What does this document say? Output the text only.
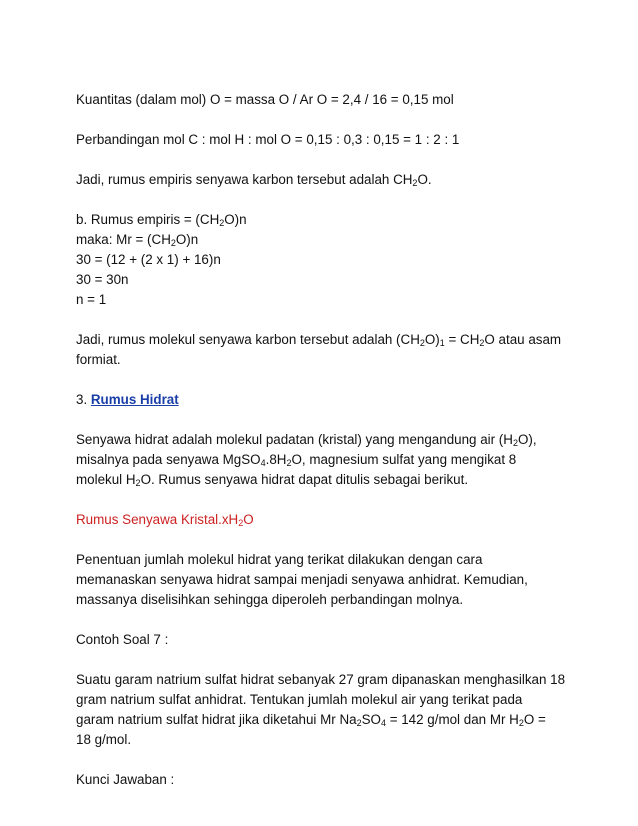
Kuantitas (dalam mol) O = massa O / Ar O = 2,4 / 16 = 0,15 mol

Perbandingan mol C : mol H : mol O = 0,15 : 0,3 : 0,15 = 1 : 2 : 1

Jadi, rumus empiris senyawa karbon tersebut adalah $CH_2O$.

b. Rumus empiris = $(CH_2O)n$
maka: $Mr = (CH_2O)n$
30 = (12 + (2 x 1) + 16)n
30 = 30n
n = 1
Jadi, rumus molekul senyawa karbon tersebut adalah $(CH_2O)_1 = CH_2O$ atau asam
formiat.

3. Rumus Hidrat

Senyawa hidrat adalah molekul padatan (kristal) yang mengandung air $(H_2O)$,
misalnya pada senyawa $MgSO_4.8H_2O$, magnesium sulfat yang mengikat 8
molekul $H_2O$. Rumus senyawa hidrat dapat ditulis sebagai berikut.

Rumus Senyawa $Kristal.xH_2O$

Penentuan jumlah molekul hidrat yang terikat dilakukan dengan cara
memanaskan senyawa hidrat sampai menjadi senyawa anhidrat. Kemudian,
massanya diselisihkan sehingga diperoleh perbandingan molnya.

Contoh Soal 7 :

Suatu garam natrium sulfat hidrat sebanyak 27 gram dipanaskan menghasilkan 18
gram natrium sulfat anhidrat. Tentukan jumlah molekul air yang terikat pada
garam natrium sulfat hidrat jika diketahui Mr $Na_2SO_4 = 142$ g/mol dan Mr $H_2O$ =
18 g/mol.

Kunci Jawaban :
